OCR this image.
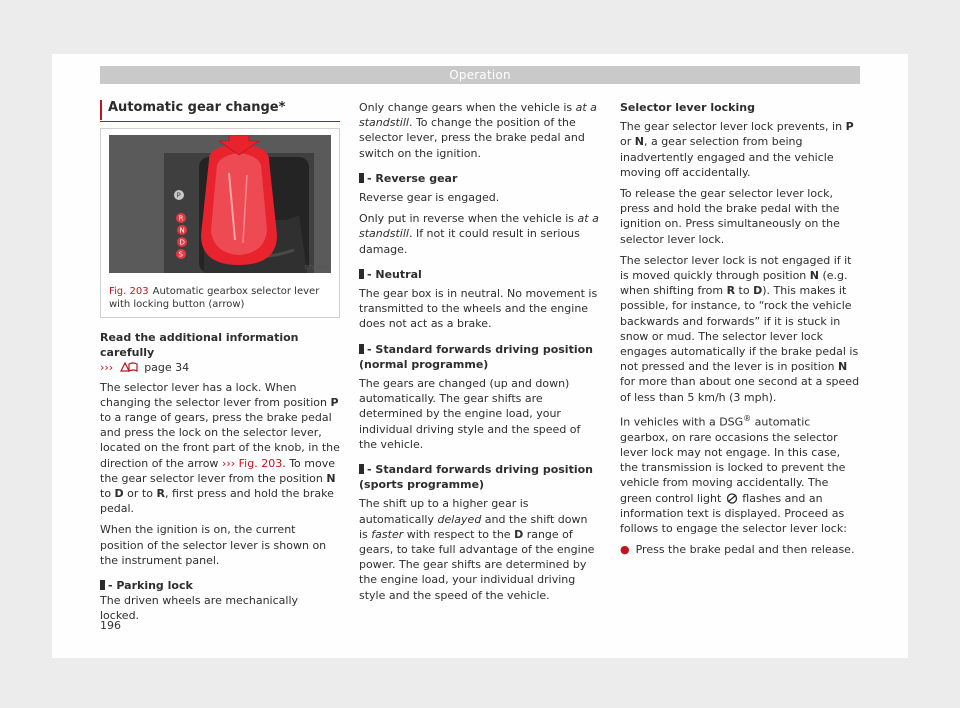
Operation
Automatic gear change*
P
R
N
D
S
B7V-0853
Fig. 203 Automatic gearbox selector lever with locking button (arrow)

Read the additional information carefully

›››	page 34

The selector lever has a lock. When changing the selector lever from position P to a range of gears, press the brake pedal and press the lock on the selector lever, located on the front part of the knob, in the direction of the arrow ››› Fig. 203. To move the gear selector lever from the position N to D or to R, first press and hold the brake pedal.

When the ignition is on, the current position of the selector lever is shown on the instrument panel.

- Parking lock

The driven wheels are mechanically locked.

Only change gears when the vehicle is at a standstill. To change the position of the selector lever, press the brake pedal and switch on the ignition.

- Reverse gear

Reverse gear is engaged.

Only put in reverse when the vehicle is at a standstill. If not it could result in serious damage.

- Neutral

The gear box is in neutral. No movement is transmitted to the wheels and the engine does not act as a brake.

- Standard forwards driving position (normal programme)

The gears are changed (up and down) automatically. The gear shifts are determined by the engine load, your individual driving style and the speed of the vehicle.

- Standard forwards driving position (sports programme)

The shift up to a higher gear is automatically delayed and the shift down is faster with respect to the D range of gears, to take full advantage of the engine power. The gear shifts are determined by the engine load, your individual driving style and the speed of the vehicle.

Selector lever locking

The gear selector lever lock prevents, in P or N, a gear selection from being inadvertently engaged and the vehicle moving off accidentally.

To release the gear selector lever lock, press and hold the brake pedal with the ignition on. Press simultaneously on the selector lever lock.

The selector lever lock is not engaged if it is moved quickly through position N (e.g. when shifting from R to D). This makes it possible, for instance, to “rock the vehicle backwards and forwards” if it is stuck in snow or mud. The selector lever lock engages automatically if the brake pedal is not pressed and the lever is in position N for more than about one second at a speed of less than 5 km/h (3 mph).

In vehicles with a DSG® automatic gearbox, on rare occasions the selector lever lock may not engage. In this case, the transmission is locked to prevent the vehicle from moving accidentally. The green control light  flashes and an information text is displayed. Proceed as follows to engage the selector lever lock:

● Press the brake pedal and then release.

196
